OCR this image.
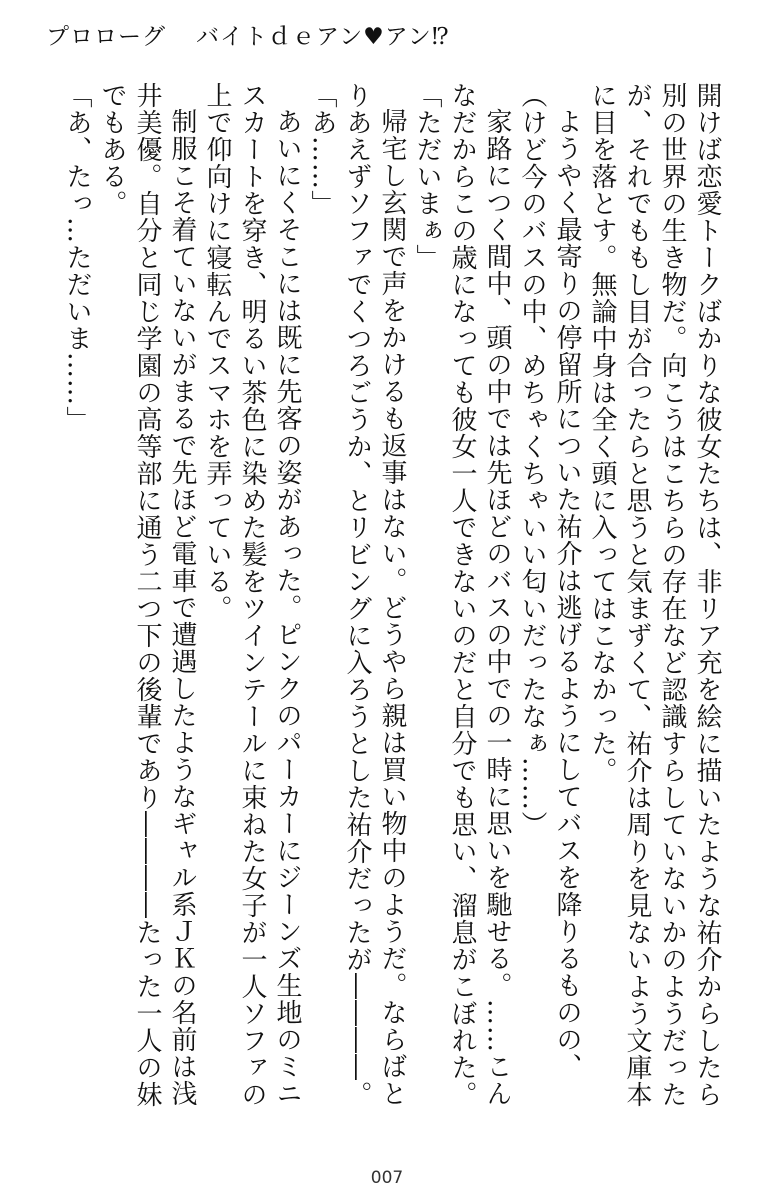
プロローグ バイトｄｅアン♥アン⁉

開けば恋愛トークばかりな彼女たちは、非リア充を絵に描いたような祐介からしたら別の世界の生き物だ。向こうはこちらの存在など認識すらしていないかのようだったが、それでももし目が合ったらと思うと気まずくて、祐介は周りを見ないよう文庫本に目を落とす。無論中身は全く頭に入ってはこなかった。

ようやく最寄りの停留所についた祐介は逃げるようにしてバスを降りるものの、

（けど今のバスの中、めちゃくちゃいい匂いだったなぁ……）

家路につく間中、頭の中では先ほどのバスの中での一時に思いを馳せる。……こんなだからこの歳になっても彼女一人できないのだと自分でも思い、溜息がこぼれた。

「ただいまぁ」

帰宅し玄関で声をかけるも返事はない。どうやら親は買い物中のようだ。ならばとりあえずソファでくつろごうか、とリビングに入ろうとした祐介だったが――――。

「あ……」

あいにくそこには既に先客の姿があった。ピンクのパーカーにジーンズ生地のミニスカートを穿き、明るい茶色に染めた髪をツインテールに束ねた女子が一人ソファの上で仰向けに寝転んでスマホを弄っている。

制服こそ着ていないがまるで先ほど電車で遭遇したようなギャル系ＪＫの名前は浅井美優。自分と同じ学園の高等部に通う二つ下の後輩であり――――たった一人の妹でもある。

「あ、たっ…ただいま……」

007
